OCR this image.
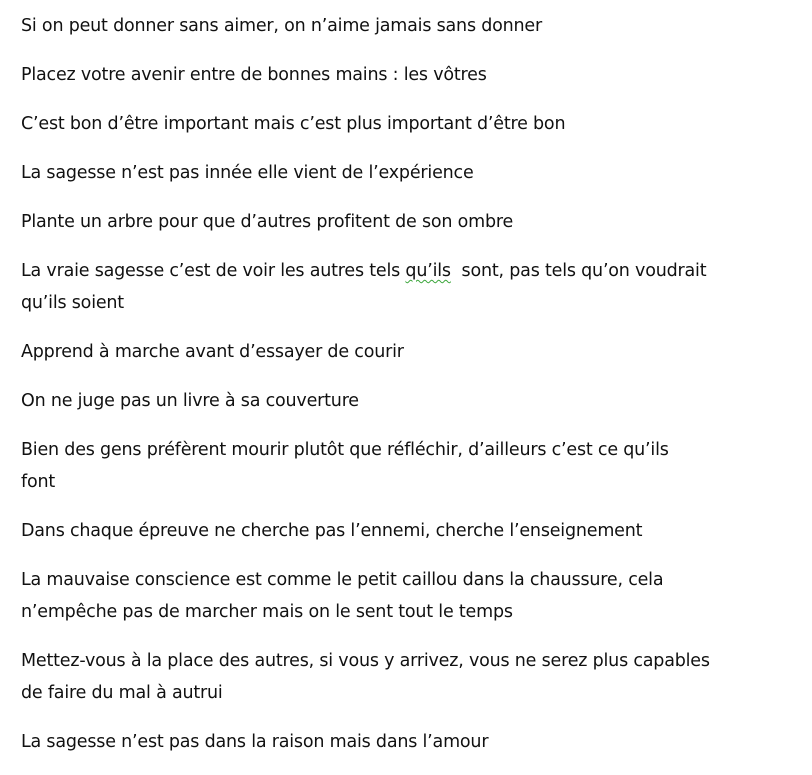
Si on peut donner sans aimer, on n’aime jamais sans donner

Placez votre avenir entre de bonnes mains : les vôtres

C’est bon d’être important mais c’est plus important d’être bon

La sagesse n’est pas innée elle vient de l’expérience

Plante un arbre pour que d’autres profitent de son ombre

La vraie sagesse c’est de voir les autres tels qu’ils  sont, pas tels qu’on voudrait
qu’ils soient

Apprend à marche avant d’essayer de courir

On ne juge pas un livre à sa couverture

Bien des gens préfèrent mourir plutôt que réfléchir, d’ailleurs c’est ce qu’ils
font

Dans chaque épreuve ne cherche pas l’ennemi, cherche l’enseignement

La mauvaise conscience est comme le petit caillou dans la chaussure, cela
n’empêche pas de marcher mais on le sent tout le temps

Mettez-vous à la place des autres, si vous y arrivez, vous ne serez plus capables
de faire du mal à autrui

La sagesse n’est pas dans la raison mais dans l’amour
